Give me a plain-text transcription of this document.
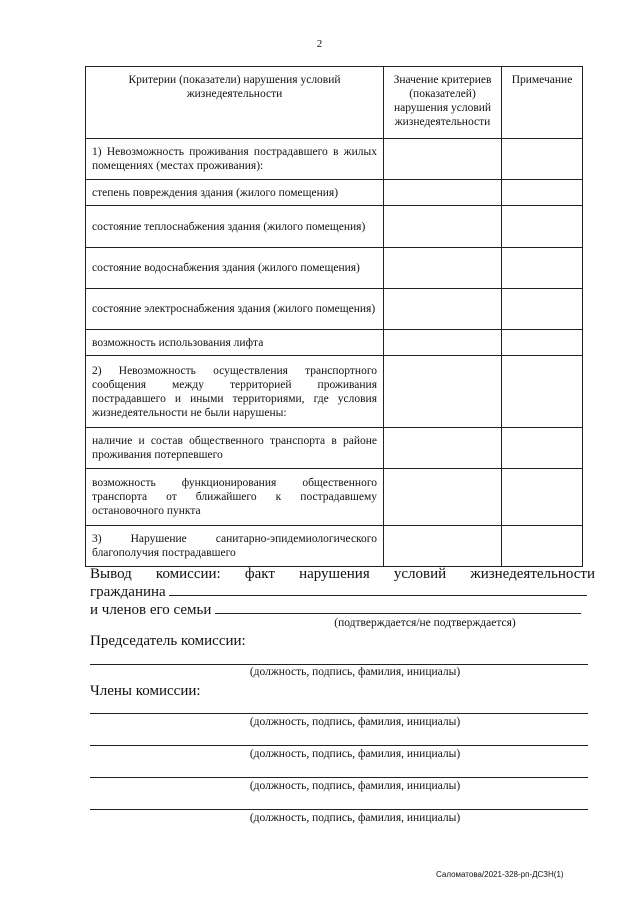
2
Критерии (показатели) нарушения условий жизнедеятельности	Значение критериев (показателей) нарушения условий жизнедеятельности	Примечание
1) Невозможность проживания пострадавшего в жилых помещениях (местах проживания):		
степень повреждения здания (жилого помещения)		
состояние теплоснабжения здания (жилого помещения)		
состояние водоснабжения здания (жилого помещения)		
состояние электроснабжения здания (жилого помещения)		
возможность использования лифта		
2) Невозможность осуществления транспортного сообщения между территорией проживания пострадавшего и иными территориями, где условия жизнедеятельности не были нарушены:		
наличие и состав общественного транспорта в районе проживания потерпевшего		
возможность функционирования общественного транспорта от ближайшего к пострадавшему остановочного пункта		
3) Нарушение санитарно-эпидемиологического благополучия пострадавшего		
Вывод комиссии: факт нарушения условий жизнедеятельности
гражданина
и членов его семьи
(подтверждается/не подтверждается)
Председатель комиссии:
(должность, подпись, фамилия, инициалы)
Члены комиссии:
(должность, подпись, фамилия, инициалы)
(должность, подпись, фамилия, инициалы)
(должность, подпись, фамилия, инициалы)
(должность, подпись, фамилия, инициалы)
Саломатова/2021-328-рп-ДСЗН(1)
